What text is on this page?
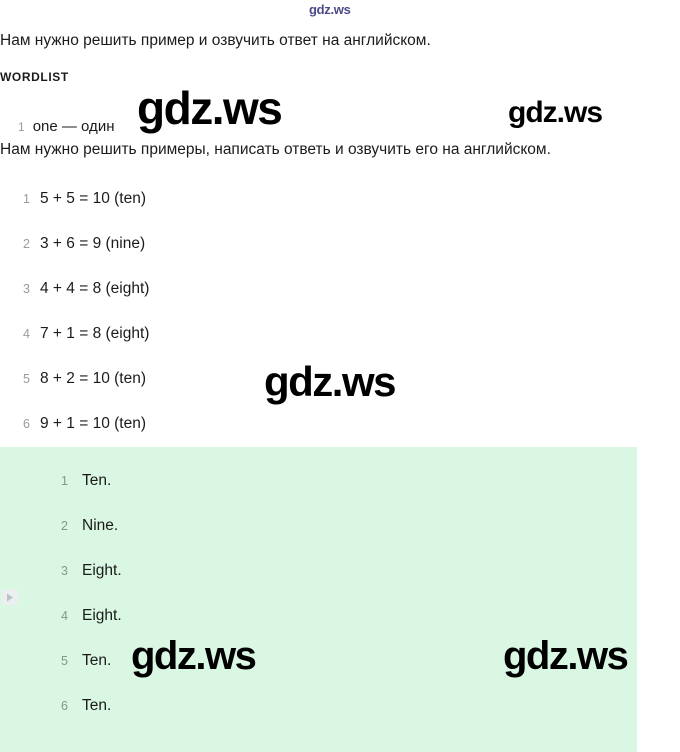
gdz.ws
Нам нужно решить пример и озвучить ответ на английском.
WORDLIST
1 one — один
Нам нужно решить примеры, написать ответь и озвучить его на английском.
1 5 + 5 = 10 (ten)
2 3 + 6 = 9 (nine)
3 4 + 4 = 8 (eight)
4 7 + 1 = 8 (eight)
5 8 + 2 = 10 (ten)
6 9 + 1 = 10 (ten)
1 Ten.
2 Nine.
3 Eight.
4 Eight.
5 Ten.
6 Ten.
gdz.ws	gdz.ws
gdz.ws
gdz.ws	gdz.ws
